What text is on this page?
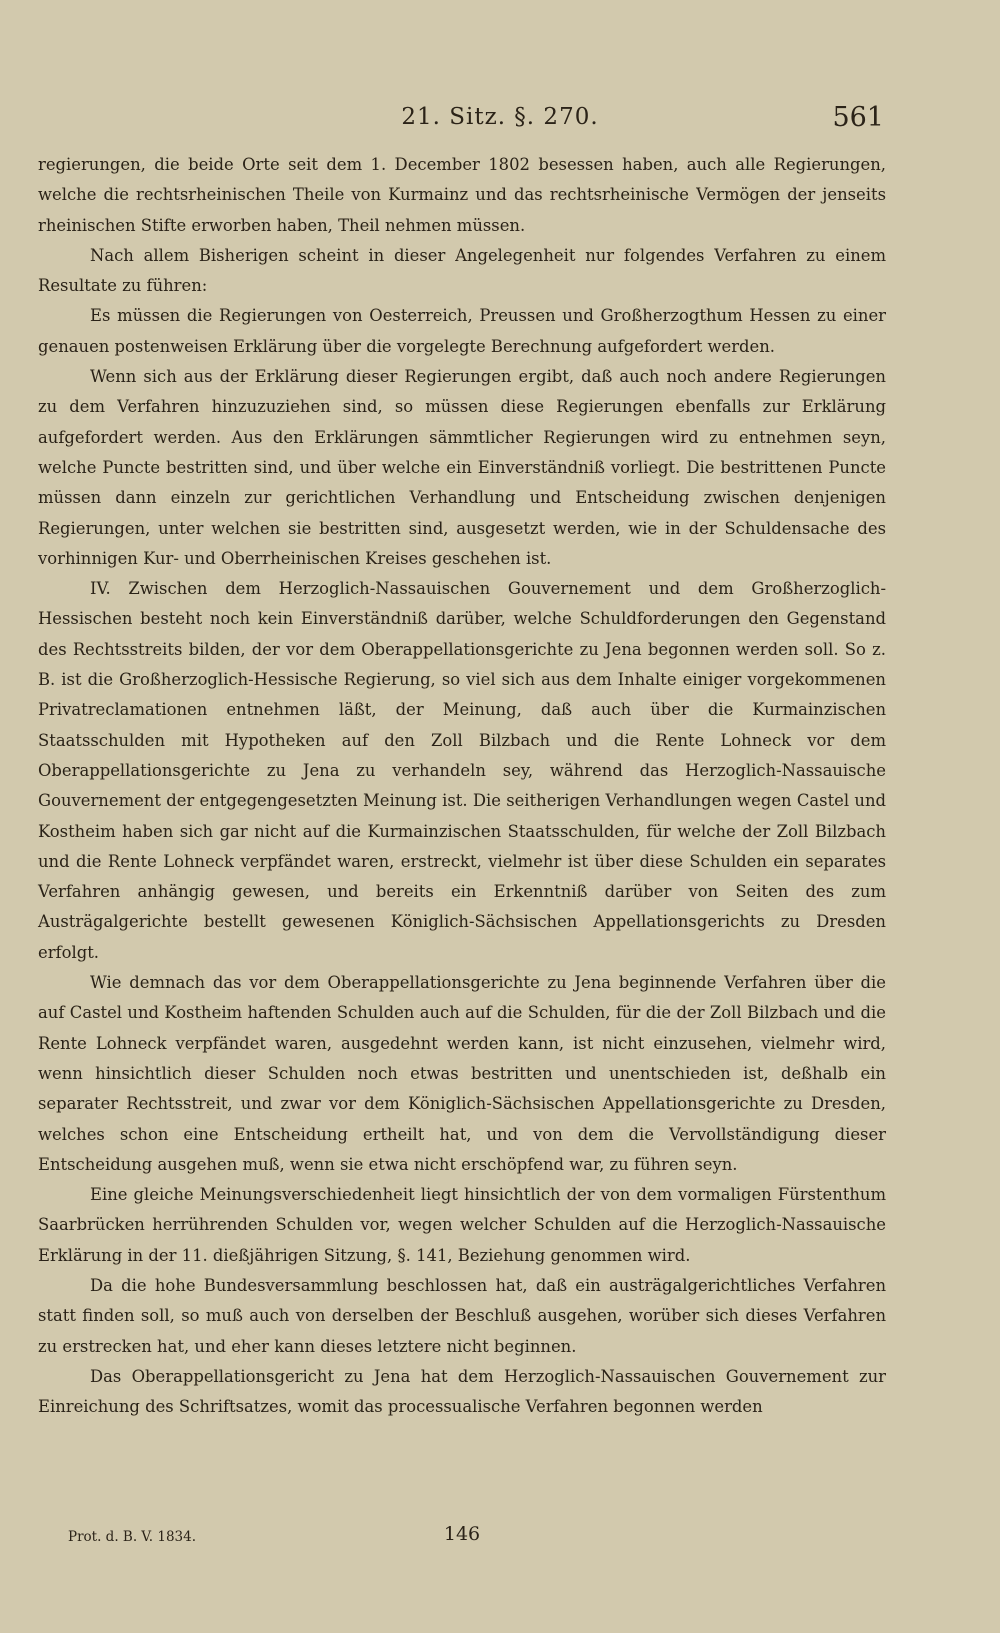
21. Sitz. §. 270.	561

regierungen, die beide Orte seit dem 1. December 1802 besessen haben, auch alle Regierungen, welche die rechtsrheinischen Theile von Kurmainz und das rechtsrheinische Vermögen der jenseits rheinischen Stifte erworben haben, Theil nehmen müssen.

Nach allem Bisherigen scheint in dieser Angelegenheit nur folgendes Verfahren zu einem Resultate zu führen:

Es müssen die Regierungen von Oesterreich, Preussen und Großherzogthum Hessen zu einer genauen postenweisen Erklärung über die vorgelegte Berechnung aufgefordert werden.

Wenn sich aus der Erklärung dieser Regierungen ergibt, daß auch noch andere Regierungen zu dem Verfahren hinzuzuziehen sind, so müssen diese Regierungen ebenfalls zur Erklärung aufgefordert werden. Aus den Erklärungen sämmtlicher Regierungen wird zu entnehmen seyn, welche Puncte bestritten sind, und über welche ein Einverständniß vorliegt. Die bestrittenen Puncte müssen dann einzeln zur gerichtlichen Verhandlung und Entscheidung zwischen denjenigen Regierungen, unter welchen sie bestritten sind, ausgesetzt werden, wie in der Schuldensache des vorhinnigen Kur- und Oberrheinischen Kreises geschehen ist.

IV. Zwischen dem Herzoglich-Nassauischen Gouvernement und dem Großherzoglich-Hessischen besteht noch kein Einverständniß darüber, welche Schuldforderungen den Gegenstand des Rechtsstreits bilden, der vor dem Oberappellationsgerichte zu Jena begonnen werden soll. So z. B. ist die Großherzoglich-Hessische Regierung, so viel sich aus dem Inhalte einiger vorgekommenen Privatreclamationen entnehmen läßt, der Meinung, daß auch über die Kurmainzischen Staatsschulden mit Hypotheken auf den Zoll Bilzbach und die Rente Lohneck vor dem Oberappellationsgerichte zu Jena zu verhandeln sey, während das Herzoglich-Nassauische Gouvernement der entgegengesetzten Meinung ist. Die seitherigen Verhandlungen wegen Castel und Kostheim haben sich gar nicht auf die Kurmainzischen Staatsschulden, für welche der Zoll Bilzbach und die Rente Lohneck verpfändet waren, erstreckt, vielmehr ist über diese Schulden ein separates Verfahren anhängig gewesen, und bereits ein Erkenntniß darüber von Seiten des zum Austrägalgerichte bestellt gewesenen Königlich-Sächsischen Appellationsgerichts zu Dresden erfolgt.

Wie demnach das vor dem Oberappellationsgerichte zu Jena beginnende Verfahren über die auf Castel und Kostheim haftenden Schulden auch auf die Schulden, für die der Zoll Bilzbach und die Rente Lohneck verpfändet waren, ausgedehnt werden kann, ist nicht einzusehen, vielmehr wird, wenn hinsichtlich dieser Schulden noch etwas bestritten und unentschieden ist, deßhalb ein separater Rechtsstreit, und zwar vor dem Königlich-Sächsischen Appellationsgerichte zu Dresden, welches schon eine Entscheidung ertheilt hat, und von dem die Vervollständigung dieser Entscheidung ausgehen muß, wenn sie etwa nicht erschöpfend war, zu führen seyn.

Eine gleiche Meinungsverschiedenheit liegt hinsichtlich der von dem vormaligen Fürstenthum Saarbrücken herrührenden Schulden vor, wegen welcher Schulden auf die Herzoglich-Nassauische Erklärung in der 11. dießjährigen Sitzung, §. 141, Beziehung genommen wird.

Da die hohe Bundesversammlung beschlossen hat, daß ein austrägalgerichtliches Verfahren statt finden soll, so muß auch von derselben der Beschluß ausgehen, worüber sich dieses Verfahren zu erstrecken hat, und eher kann dieses letztere nicht beginnen.

Das Oberappellationsgericht zu Jena hat dem Herzoglich-Nassauischen Gouvernement zur Einreichung des Schriftsatzes, womit das processualische Verfahren begonnen werden

Prot. d. B. V. 1834.	146
